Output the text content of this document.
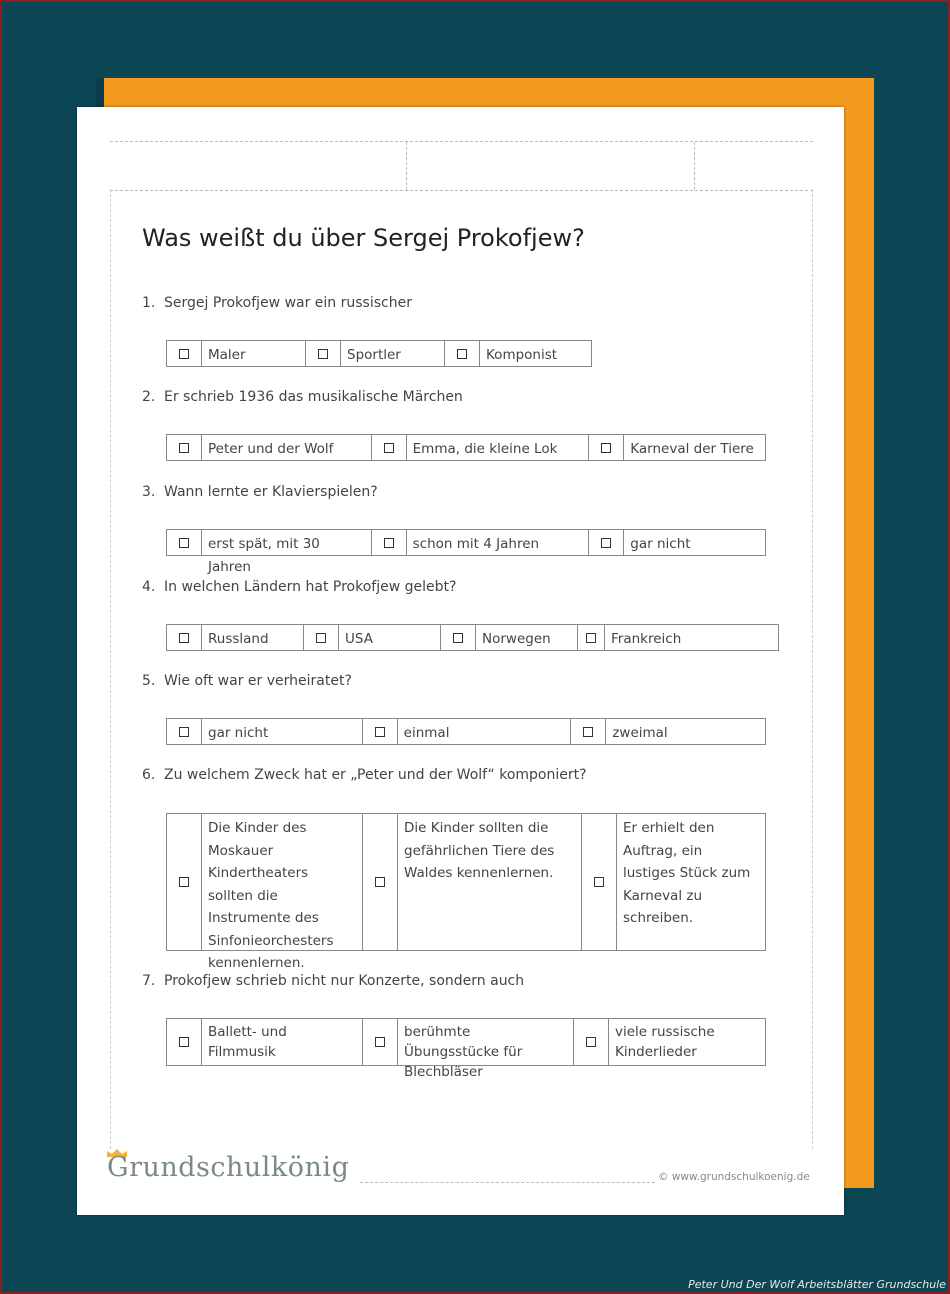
Was weißt du über Sergej Prokofjew?
1. Sergej Prokofjew war ein russischer
Maler	Sportler	Komponist
2. Er schrieb 1936 das musikalische Märchen
Peter und der Wolf	Emma, die kleine Lok	Karneval der Tiere
3. Wann lernte er Klavierspielen?
erst spät, mit 30 Jahren
schon mit 4 Jahren	gar nicht
4. In welchen Ländern hat Prokofjew gelebt?
Russland	USA	Norwegen	Frankreich
5. Wie oft war er verheiratet?
gar nicht	einmal	zweimal
6. Zu welchem Zweck hat er „Peter und der Wolf“ komponiert?
Die Kinder des Moskauer Kindertheaters sollten die Instrumente des Sinfonieorchesters kennenlernen.
Die Kinder sollten die gefährlichen Tiere des Waldes kennenlernen.
Er erhielt den Auftrag, ein lustiges Stück zum Karneval zu schreiben.
7. Prokofjew schrieb nicht nur Konzerte, sondern auch
Ballett- und Filmmusik
berühmte Übungsstücke für Blechbläser
viele russische Kinderlieder
Grundschulkönig	© www.grundschulkoenig.de
Peter Und Der Wolf Arbeitsblätter Grundschule
